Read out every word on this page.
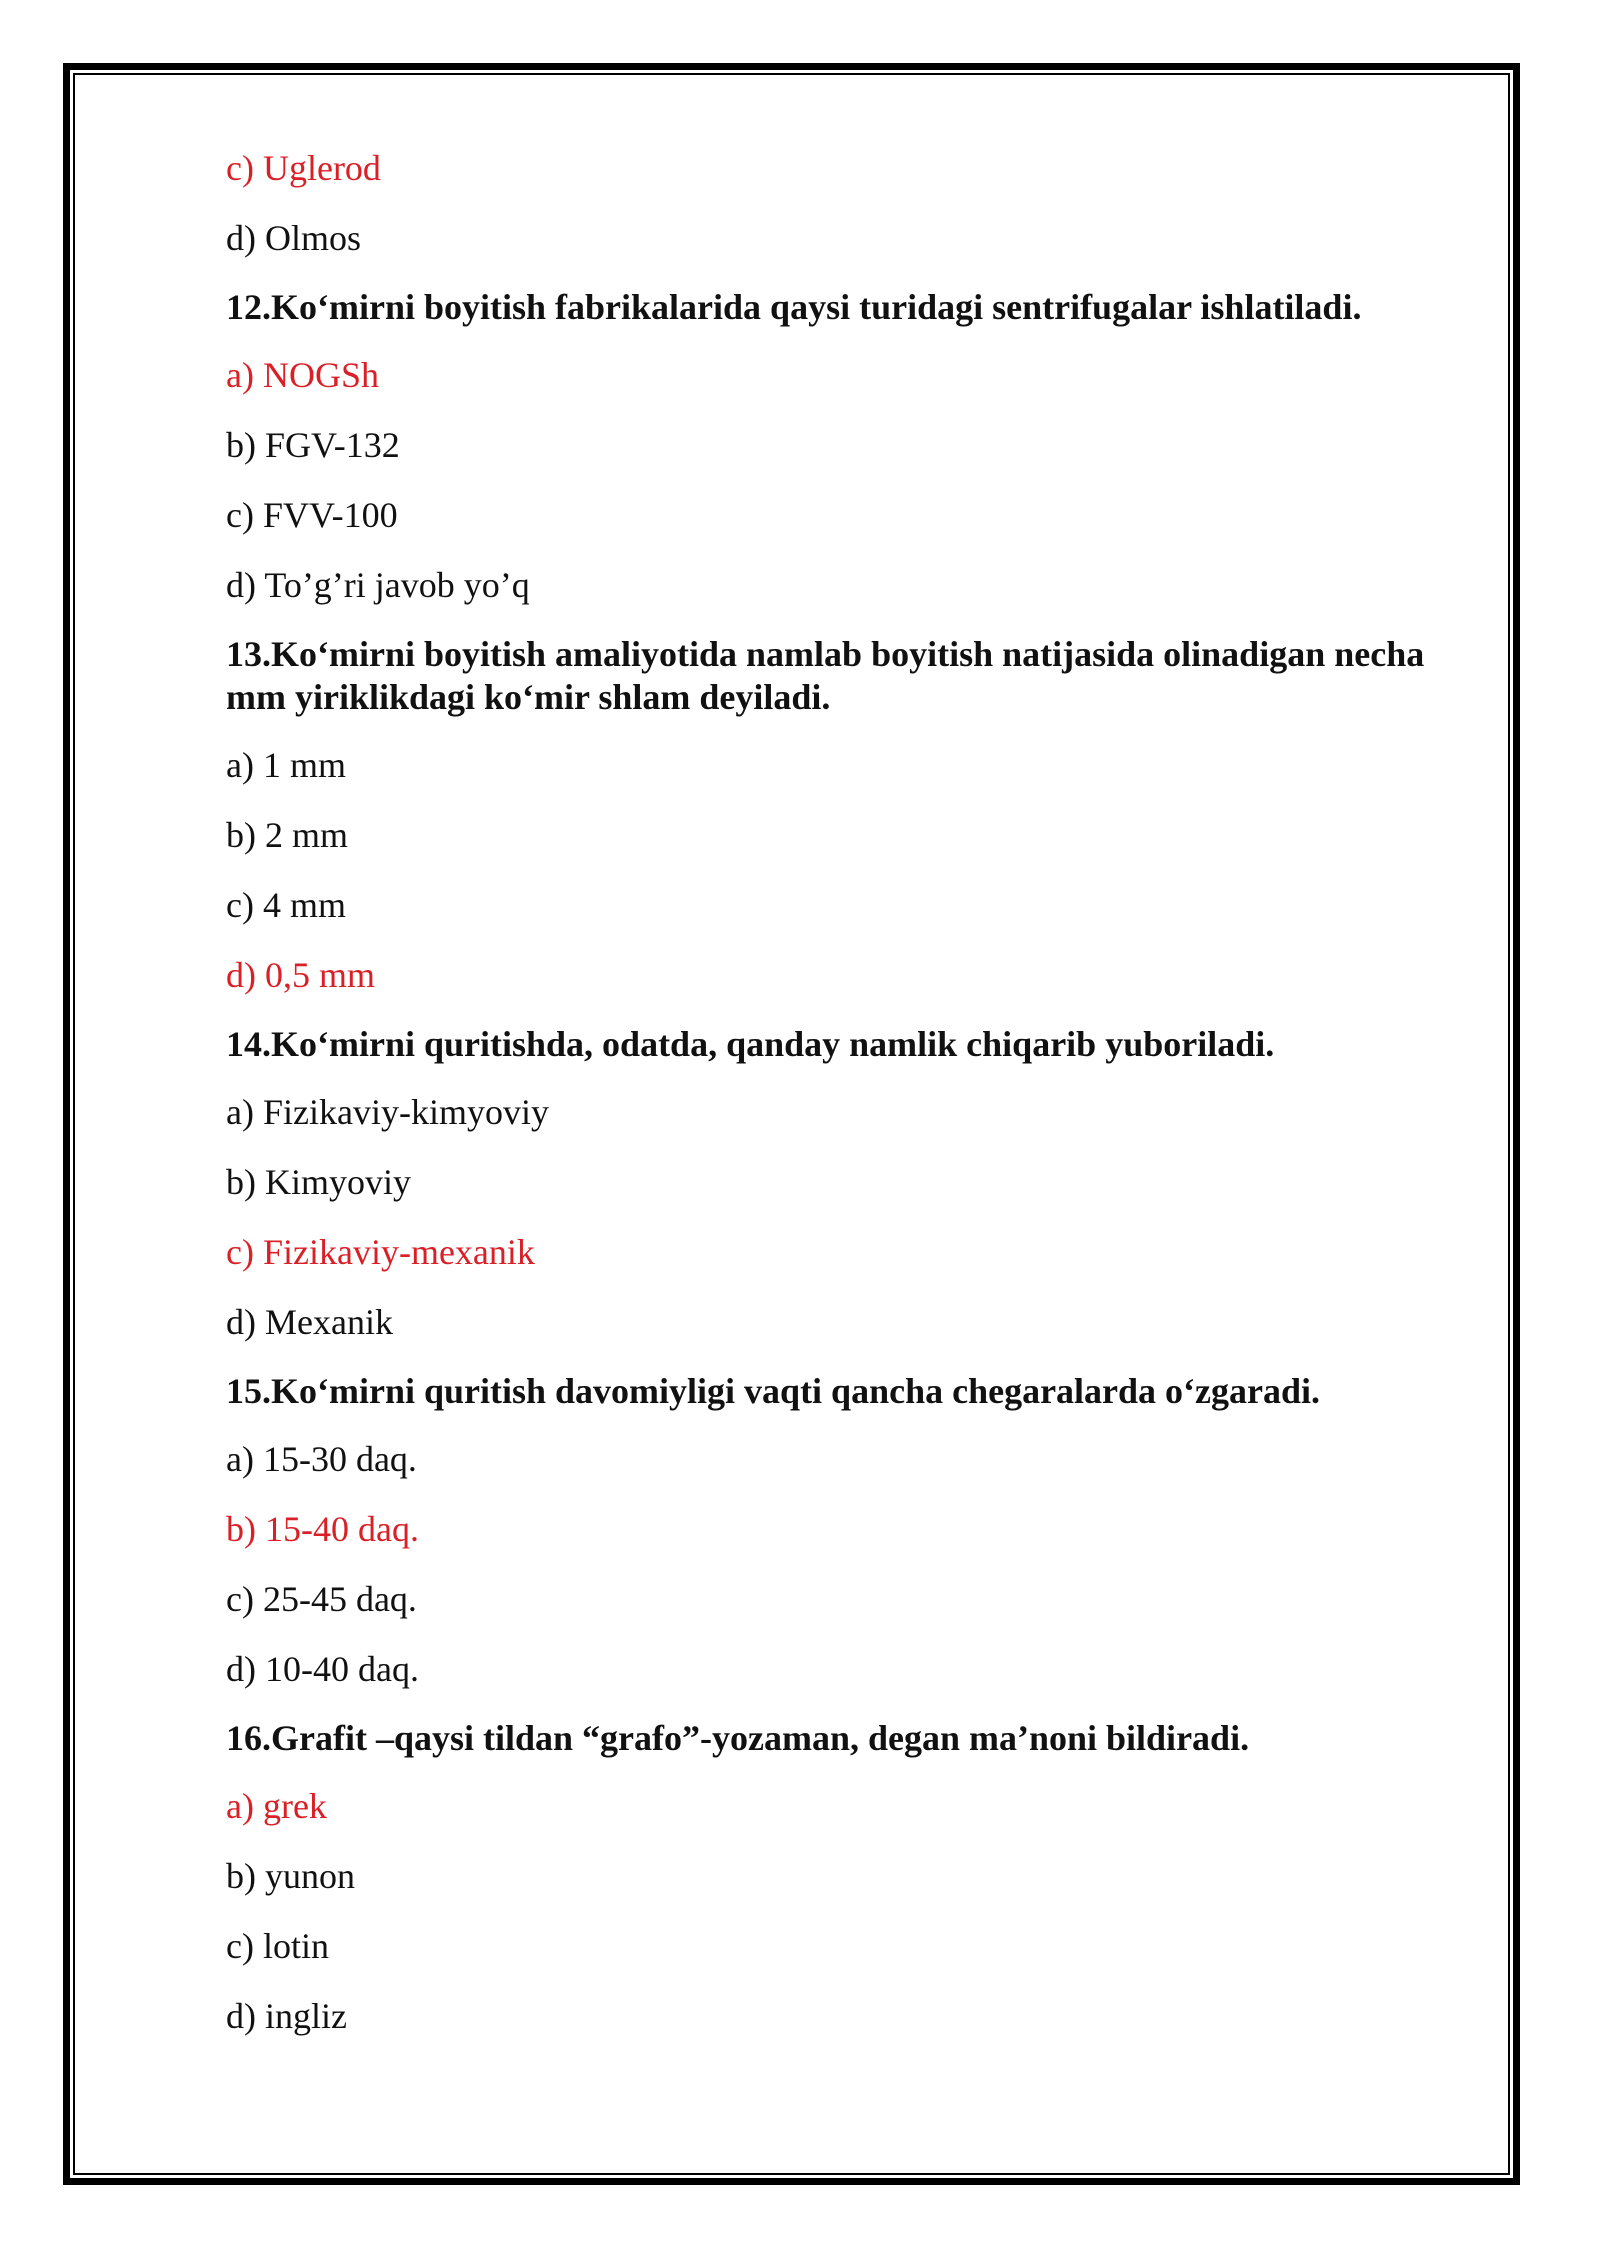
c) Uglerod
d) Olmos
12.Ko‘mirni boyitish fabrikalarida qaysi turidagi sentrifugalar ishlatiladi.
a) NOGSh
b) FGV-132
c) FVV-100
d) To’g’ri javob yo’q
13.Ko‘mirni boyitish amaliyotida namlab boyitish natijasida olinadigan necha mm yiriklikdagi ko‘mir shlam deyiladi.
a) 1 mm
b) 2 mm
c) 4 mm
d) 0,5 mm
14.Ko‘mirni quritishda, odatda, qanday namlik chiqarib yuboriladi.
a) Fizikaviy-kimyoviy
b) Kimyoviy
c) Fizikaviy-mexanik
d) Mexanik
15.Ko‘mirni quritish davomiyligi vaqti qancha chegaralarda o‘zgaradi.
a) 15-30 daq.
b) 15-40 daq.
c) 25-45 daq.
d) 10-40 daq.
16.Grafit –qaysi tildan “grafo”-yozaman, degan ma’noni bildiradi.
a) grek
b) yunon
c) lotin
d) ingliz
